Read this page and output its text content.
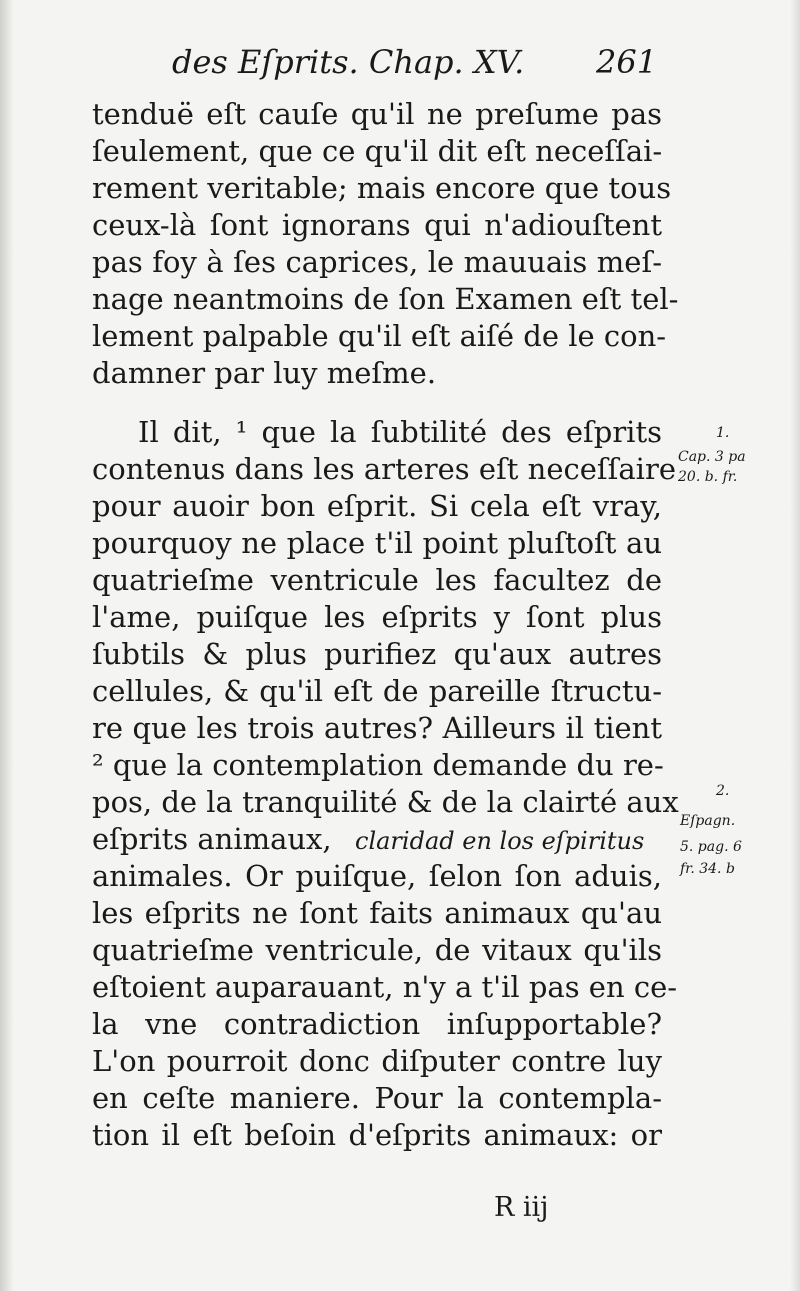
des Eſprits. Chap. XV. 261
tenduë eſt cauſe qu'il ne preſume pas
ſeulement, que ce qu'il dit eſt neceſſai-
rement veritable; mais encore que tous
ceux-là ſont ignorans qui n'adiouſtent
pas foy à ſes caprices, le mauuais meſ-
nage neantmoins de ſon Examen eſt tel-
lement palpable qu'il eſt aiſé de le con-
damner par luy meſme.
Il dit, ¹ que la ſubtilité des eſprits
contenus dans les arteres eſt neceſſaire
pour auoir bon eſprit. Si cela eſt vray,
pourquoy ne place t'il point pluſtoſt au
quatrieſme ventricule les facultez de
l'ame, puiſque les eſprits y ſont plus
ſubtils & plus purifiez qu'aux autres
cellules, & qu'il eſt de pareille ſtructu-
re que les trois autres? Ailleurs il tient
² que la contemplation demande du re-
pos, de la tranquilité & de la clairté aux
eſprits animaux, claridad en los eſpiritus
animales. Or puiſque, ſelon ſon aduis,
les eſprits ne ſont faits animaux qu'au
quatrieſme ventricule, de vitaux qu'ils
eſtoient auparauant, n'y a t'il pas en ce-
la vne contradiction inſupportable?
L'on pourroit donc diſputer contre luy
en ceſte maniere. Pour la contempla-
tion il eſt beſoin d'eſprits animaux: or
R iij
1.
Cap. 3 pa
20. b. fr.
2.
Eſpagn.
5. pag. 6
fr. 34. b
